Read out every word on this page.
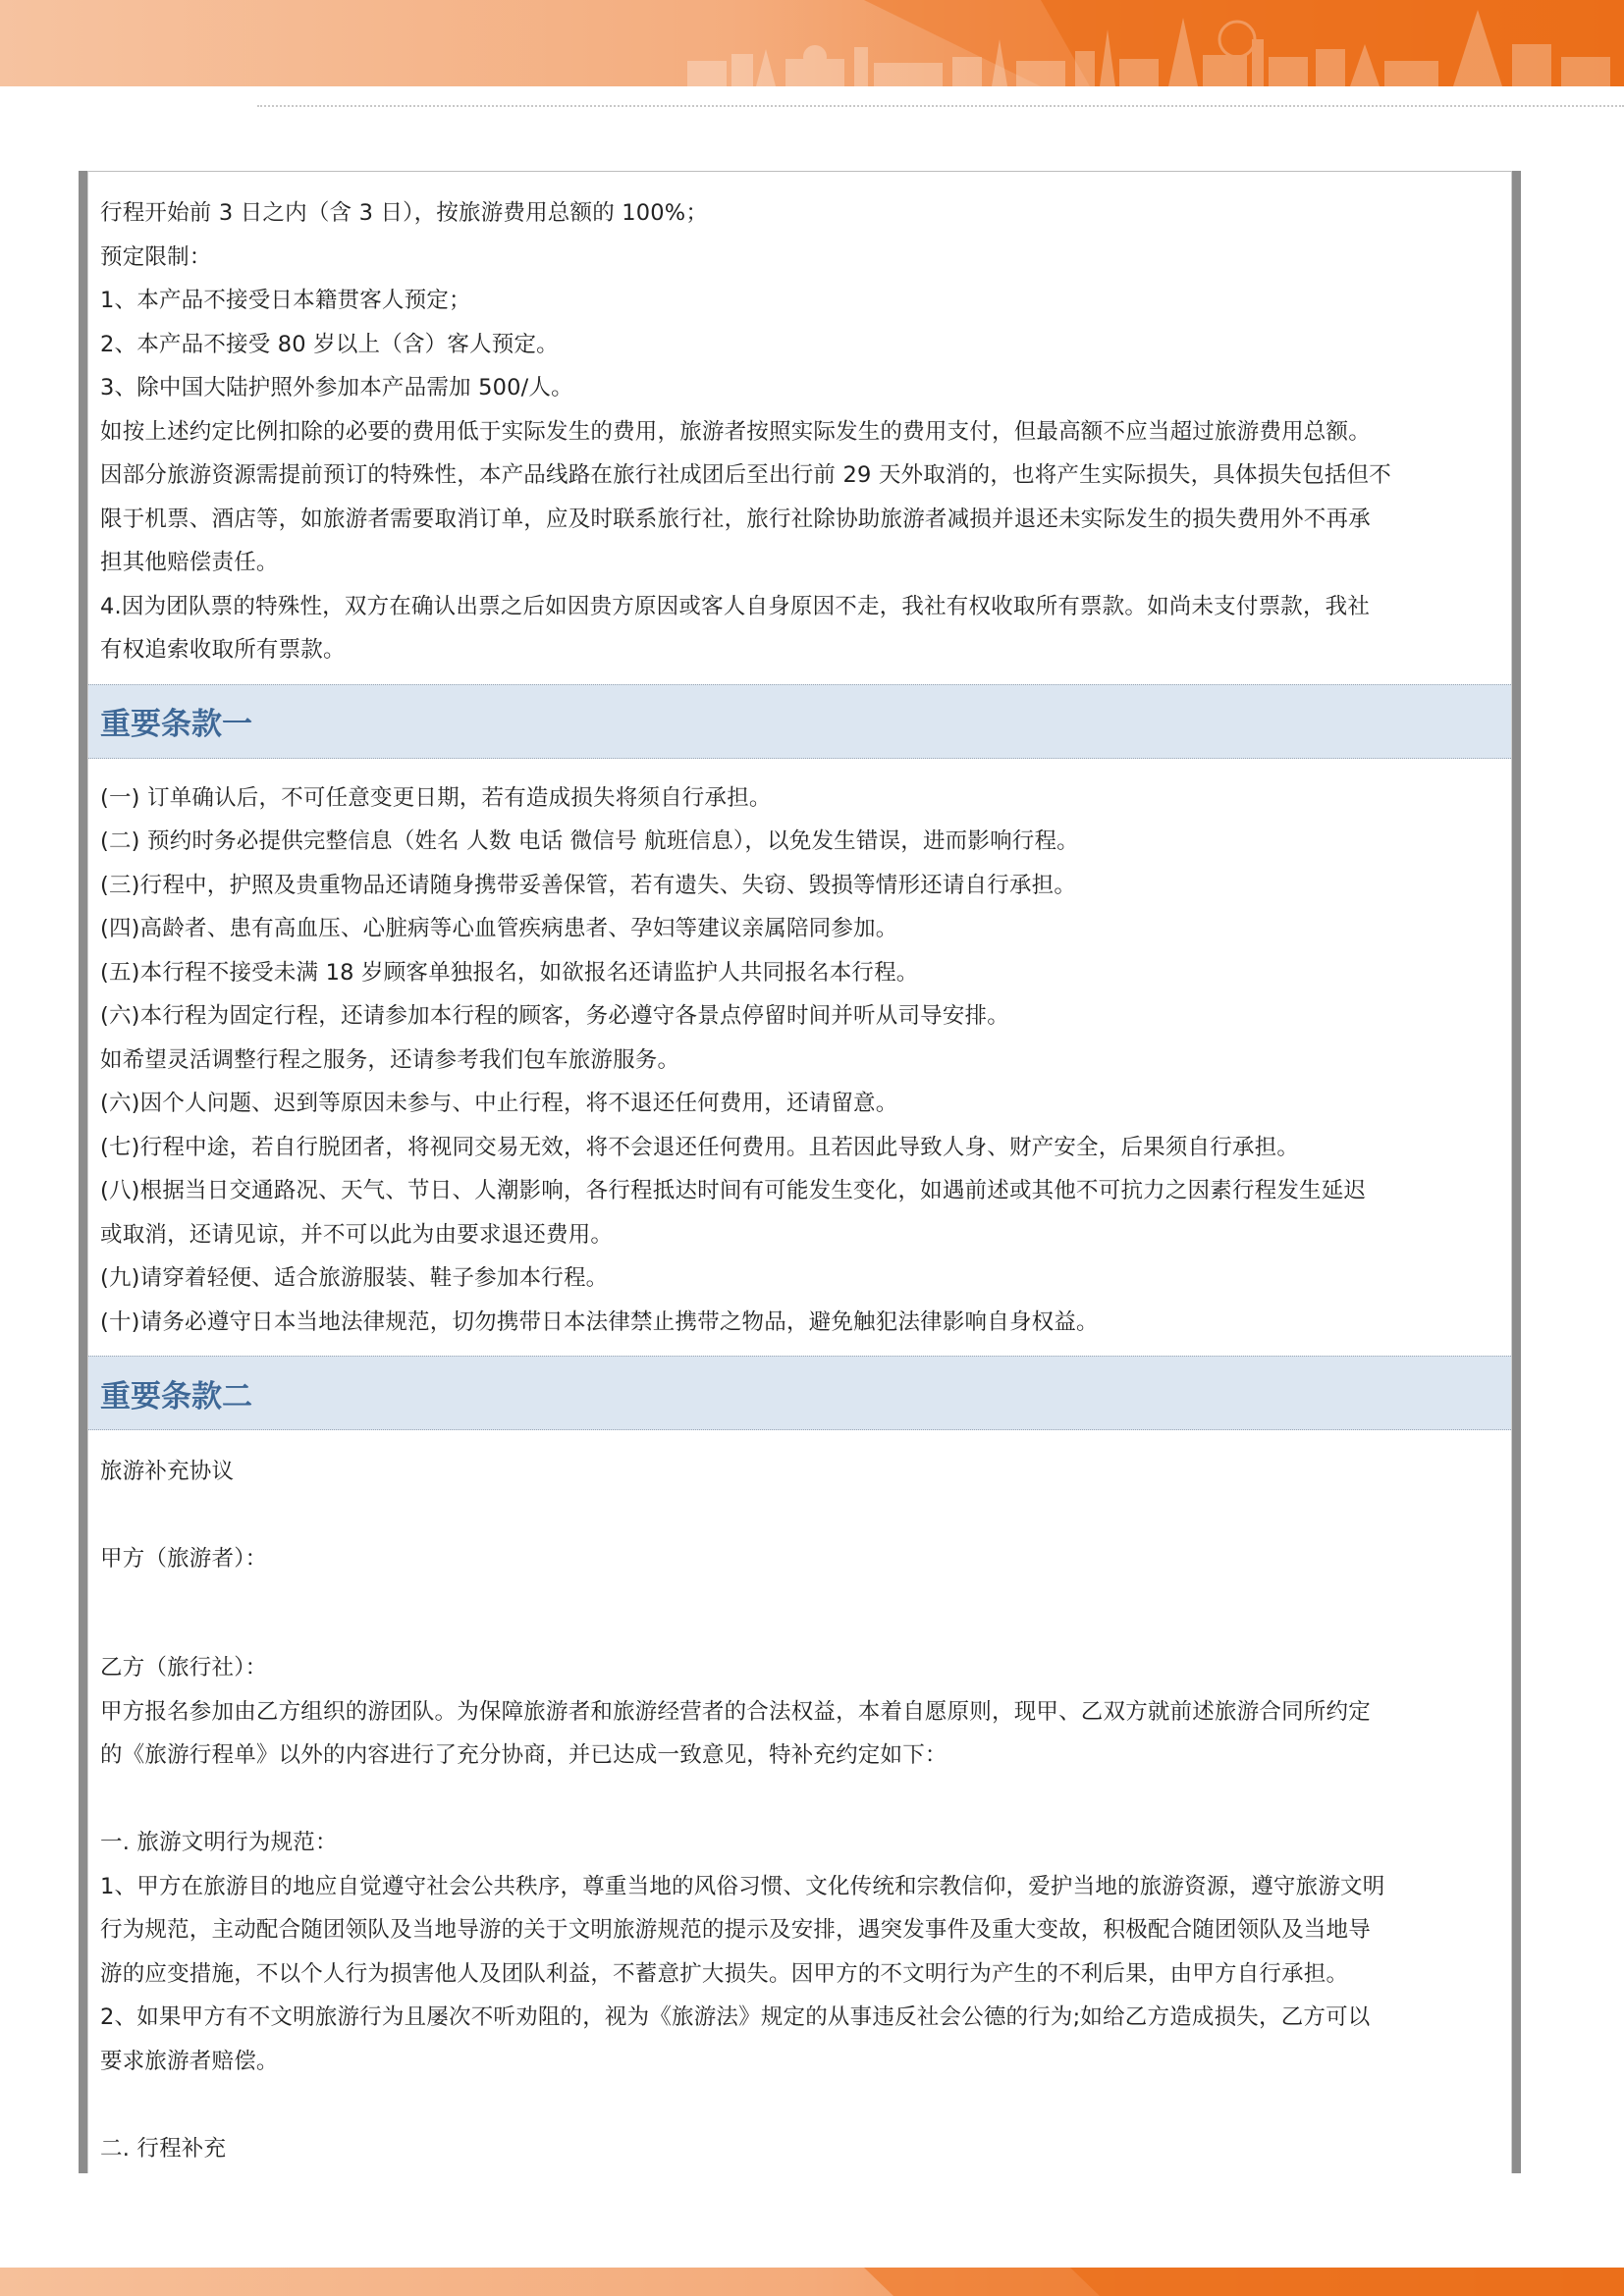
行程开始前 3 日之内（含 3 日），按旅游费用总额的 100%；
预定限制：
1、本产品不接受日本籍贯客人预定；
2、本产品不接受 80 岁以上（含）客人预定。
3、除中国大陆护照外参加本产品需加 500/人。
如按上述约定比例扣除的必要的费用低于实际发生的费用，旅游者按照实际发生的费用支付，但最高额不应当超过旅游费用总额。
因部分旅游资源需提前预订的特殊性，本产品线路在旅行社成团后至出行前 29 天外取消的，也将产生实际损失，具体损失包括但不
限于机票、酒店等，如旅游者需要取消订单，应及时联系旅行社，旅行社除协助旅游者减损并退还未实际发生的损失费用外不再承
担其他赔偿责任。
4.因为团队票的特殊性，双方在确认出票之后如因贵方原因或客人自身原因不走，我社有权收取所有票款。如尚未支付票款，我社
有权追索收取所有票款。
重要条款一
(一) 订单确认后，不可任意变更日期，若有造成损失将须自行承担。
(二) 预约时务必提供完整信息（姓名 人数 电话 微信号 航班信息），以免发生错误，进而影响行程。
(三)行程中，护照及贵重物品还请随身携带妥善保管，若有遗失、失窃、毁损等情形还请自行承担。
(四)高龄者、患有高血压、心脏病等心血管疾病患者、孕妇等建议亲属陪同参加。
(五)本行程不接受未满 18 岁顾客单独报名，如欲报名还请监护人共同报名本行程。
(六)本行程为固定行程，还请参加本行程的顾客，务必遵守各景点停留时间并听从司导安排。
如希望灵活调整行程之服务，还请参考我们包车旅游服务。
(六)因个人问题、迟到等原因未参与、中止行程，将不退还任何费用，还请留意。
(七)行程中途，若自行脱团者，将视同交易无效，将不会退还任何费用。且若因此导致人身、财产安全，后果须自行承担。
(八)根据当日交通路况、天气、节日、人潮影响，各行程抵达时间有可能发生变化，如遇前述或其他不可抗力之因素行程发生延迟
或取消，还请见谅，并不可以此为由要求退还费用。
(九)请穿着轻便、适合旅游服装、鞋子参加本行程。
(十)请务必遵守日本当地法律规范，切勿携带日本法律禁止携带之物品，避免触犯法律影响自身权益。
重要条款二
旅游补充协议
甲方（旅游者）：
乙方（旅行社）：
甲方报名参加由乙方组织的游团队。为保障旅游者和旅游经营者的合法权益，本着自愿原则，现甲、乙双方就前述旅游合同所约定
的《旅游行程单》以外的内容进行了充分协商，并已达成一致意见，特补充约定如下：
一. 旅游文明行为规范：
1、甲方在旅游目的地应自觉遵守社会公共秩序，尊重当地的风俗习惯、文化传统和宗教信仰，爱护当地的旅游资源，遵守旅游文明
行为规范，主动配合随团领队及当地导游的关于文明旅游规范的提示及安排，遇突发事件及重大变故，积极配合随团领队及当地导
游的应变措施，不以个人行为损害他人及团队利益，不蓄意扩大损失。因甲方的不文明行为产生的不利后果，由甲方自行承担。
2、如果甲方有不文明旅游行为且屡次不听劝阻的，视为《旅游法》规定的从事违反社会公德的行为;如给乙方造成损失，乙方可以
要求旅游者赔偿。
二. 行程补充
